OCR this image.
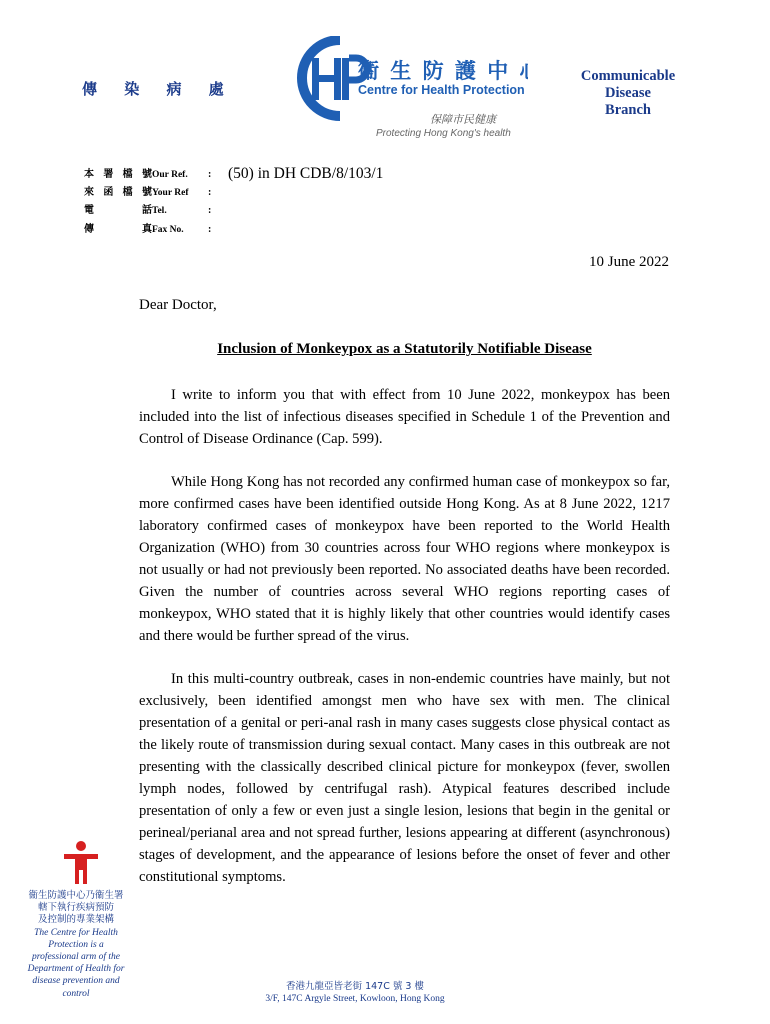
傳 染 病 處
衞 生 防 護 中 心
Centre for Health Protection
保障市民健康
Protecting Hong Kong's health
Communicable
Disease
Branch
本 署 檔 號 Our Ref.	:	(50) in DH CDB/8/103/1
來 函 檔 號 Your Ref	:
電	話 Tel.	:
傳	真 Fax No.	:
10 June 2022
Dear Doctor,
Inclusion of Monkeypox as a Statutorily Notifiable Disease

I write to inform you that with effect from 10 June 2022, monkeypox has been included into the list of infectious diseases specified in Schedule 1 of the Prevention and Control of Disease Ordinance (Cap. 599).

While Hong Kong has not recorded any confirmed human case of monkeypox so far, more confirmed cases have been identified outside Hong Kong. As at 8 June 2022, 1217 laboratory confirmed cases of monkeypox have been reported to the World Health Organization (WHO) from 30 countries across four WHO regions where monkeypox is not usually or had not previously been reported. No associated deaths have been recorded. Given the number of countries across several WHO regions reporting cases of monkeypox, WHO stated that it is highly likely that other countries would identify cases and there would be further spread of the virus.

In this multi-country outbreak, cases in non-endemic countries have mainly, but not exclusively, been identified amongst men who have sex with men. The clinical presentation of a genital or peri-anal rash in many cases suggests close physical contact as the likely route of transmission during sexual contact. Many cases in this outbreak are not presenting with the classically described clinical picture for monkeypox (fever, swollen lymph nodes, followed by centrifugal rash). Atypical features described include presentation of only a few or even just a single lesion, lesions that begin in the genital or perineal/perianal area and not spread further, lesions appearing at different (asynchronous) stages of development, and the appearance of lesions before the onset of fever and other constitutional symptoms.

衞生防護中心乃衞生署
轄下執行疾病預防
及控制的專業架構
The Centre for Health
Protection is a
professional arm of the
Department of Health for
disease prevention and
control
香港九龍亞皆老街 147C 號 3 樓
3/F, 147C Argyle Street, Kowloon, Hong Kong
